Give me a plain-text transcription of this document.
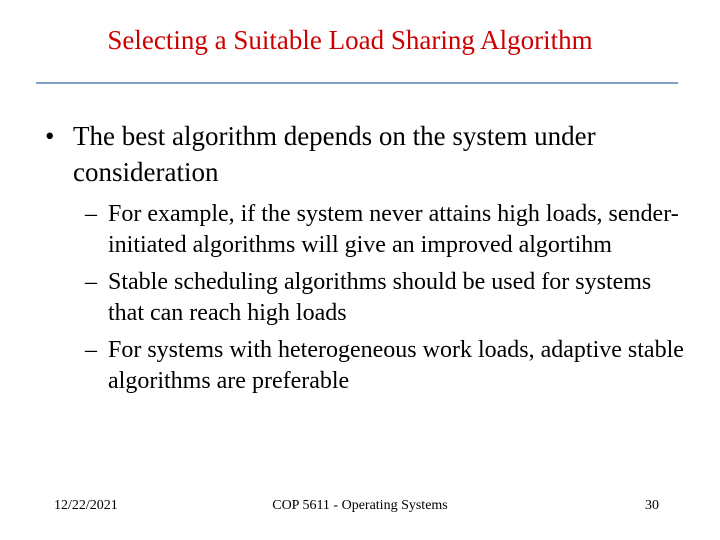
Selecting a Suitable Load Sharing Algorithm
• The best algorithm depends on the system under consideration
– For example, if the system never attains high loads, sender-initiated algorithms will give an improved algortihm
– Stable scheduling algorithms should be used for systems that can reach high loads
– For systems with heterogeneous work loads, adaptive stable algorithms are preferable
12/22/2021	COP 5611 - Operating Systems	30
